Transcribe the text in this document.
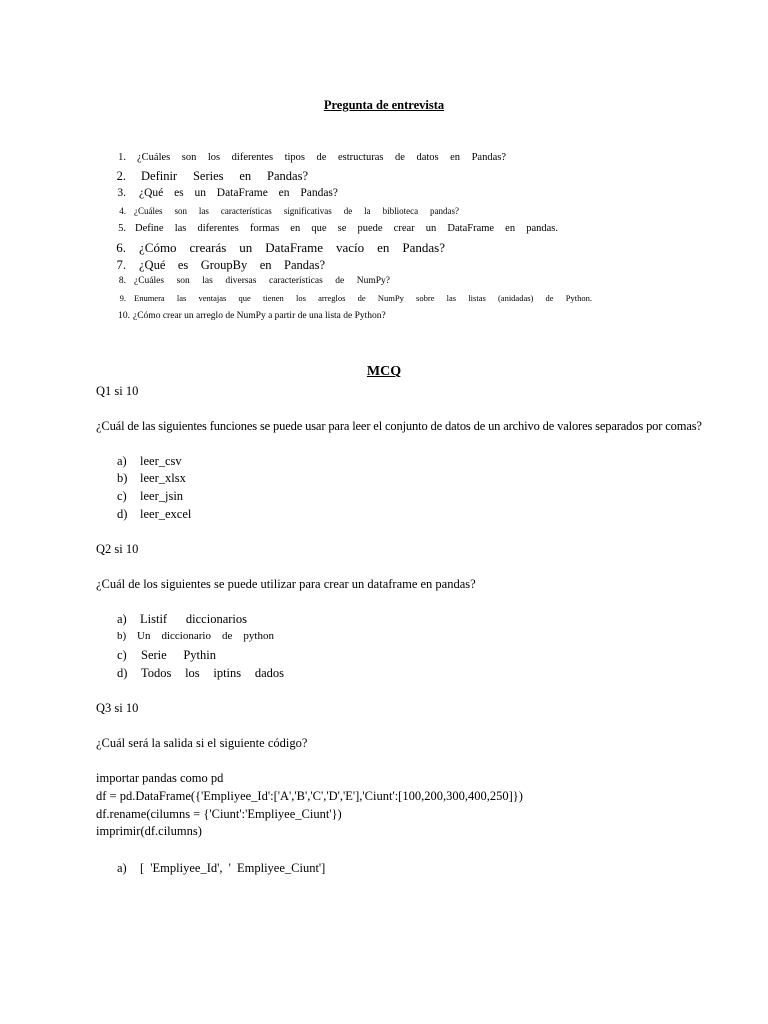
Pregunta de entrevista
1. ¿Cuáles son los diferentes tipos de estructuras de datos en Pandas?
2. Definir Series en Pandas?
3. ¿Qué es un DataFrame en Pandas?
4. ¿Cuáles son las características significativas de la biblioteca pandas?
5. Define las diferentes formas en que se puede crear un DataFrame en pandas.
6. ¿Cómo crearás un DataFrame vacío en Pandas?
7. ¿Qué es GroupBy en Pandas?
8. ¿Cuáles son las diversas características de NumPy?
9. Enumera las ventajas que tienen los arreglos de NumPy sobre las listas (anidadas) de Python.
10. ¿Cómo crear un arreglo de NumPy a partir de una lista de Python?
MCQ
Q1 si 10
¿Cuál de las siguientes funciones se puede usar para leer el conjunto de datos de un archivo de valores separados por comas?
a) leer_csv
b) leer_xlsx
c) leer_jsin
d) leer_excel
Q2 si 10
¿Cuál de los siguientes se puede utilizar para crear un dataframe en pandas?
a) Listif diccionarios
b) Un diccionario de python
c) Serie Pythin
d) Todos los iptins dados
Q3 si 10
¿Cuál será la salida si el siguiente código?
importar pandas como pd
df = pd.DataFrame({'Empliyee_Id':['A','B','C','D','E'],'Ciunt':[100,200,300,400,250]})
df.rename(cilumns = {'Ciunt':'Empliyee_Ciunt'})
imprimir(df.cilumns)
a) [ 'Empliyee_Id', ' Empliyee_Ciunt']
